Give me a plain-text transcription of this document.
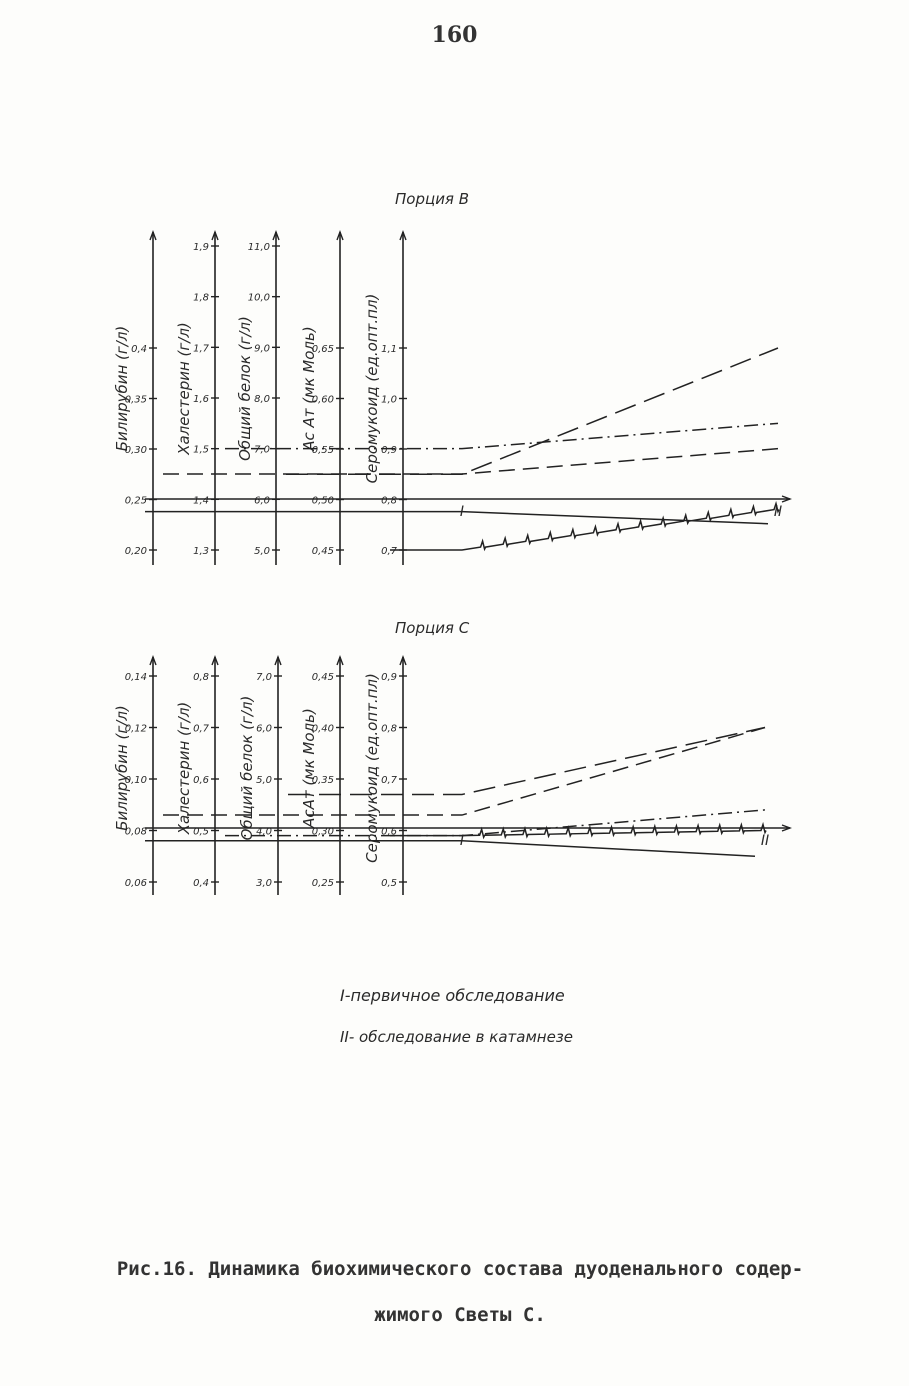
160
Порция В
0,20
0,25
0,30
0,35
0,4
Билирубин (г/л)
1,3
1,4
1,5
1,6
1,7
1,8
1,9
Халестерин (г/л)
5,0
6,0
7,0
8,0
9,0
10,0
11,0
Общий белок (г/л)
0,45
0,50
0,55
0,60
0,65
Ас Ат (мк Моль)
0,7
0,8
0,9
1,0
1,1
Серомукоид (ед.опт.пл)
I	II
Порция С
0,06
0,08
0,10
0,12
0,14
Билирубин (г/л)
0,4
0,5
0,6
0,7
0,8
Халестерин (г/л)
3,0
4,0
5,0
6,0
7,0
Общий белок (г/л)
0,25
0,30
0,35
0,40
0,45
АсАт (мк Моль)
0,5
0,6
0,7
0,8
0,9
Серомукоид (ед.опт.пл)	I	II
I-первичное обследование
II- обследование в катамнезе
Рис.16. Динамика биохимического состава дуоденального содер-
жимого Светы С.
